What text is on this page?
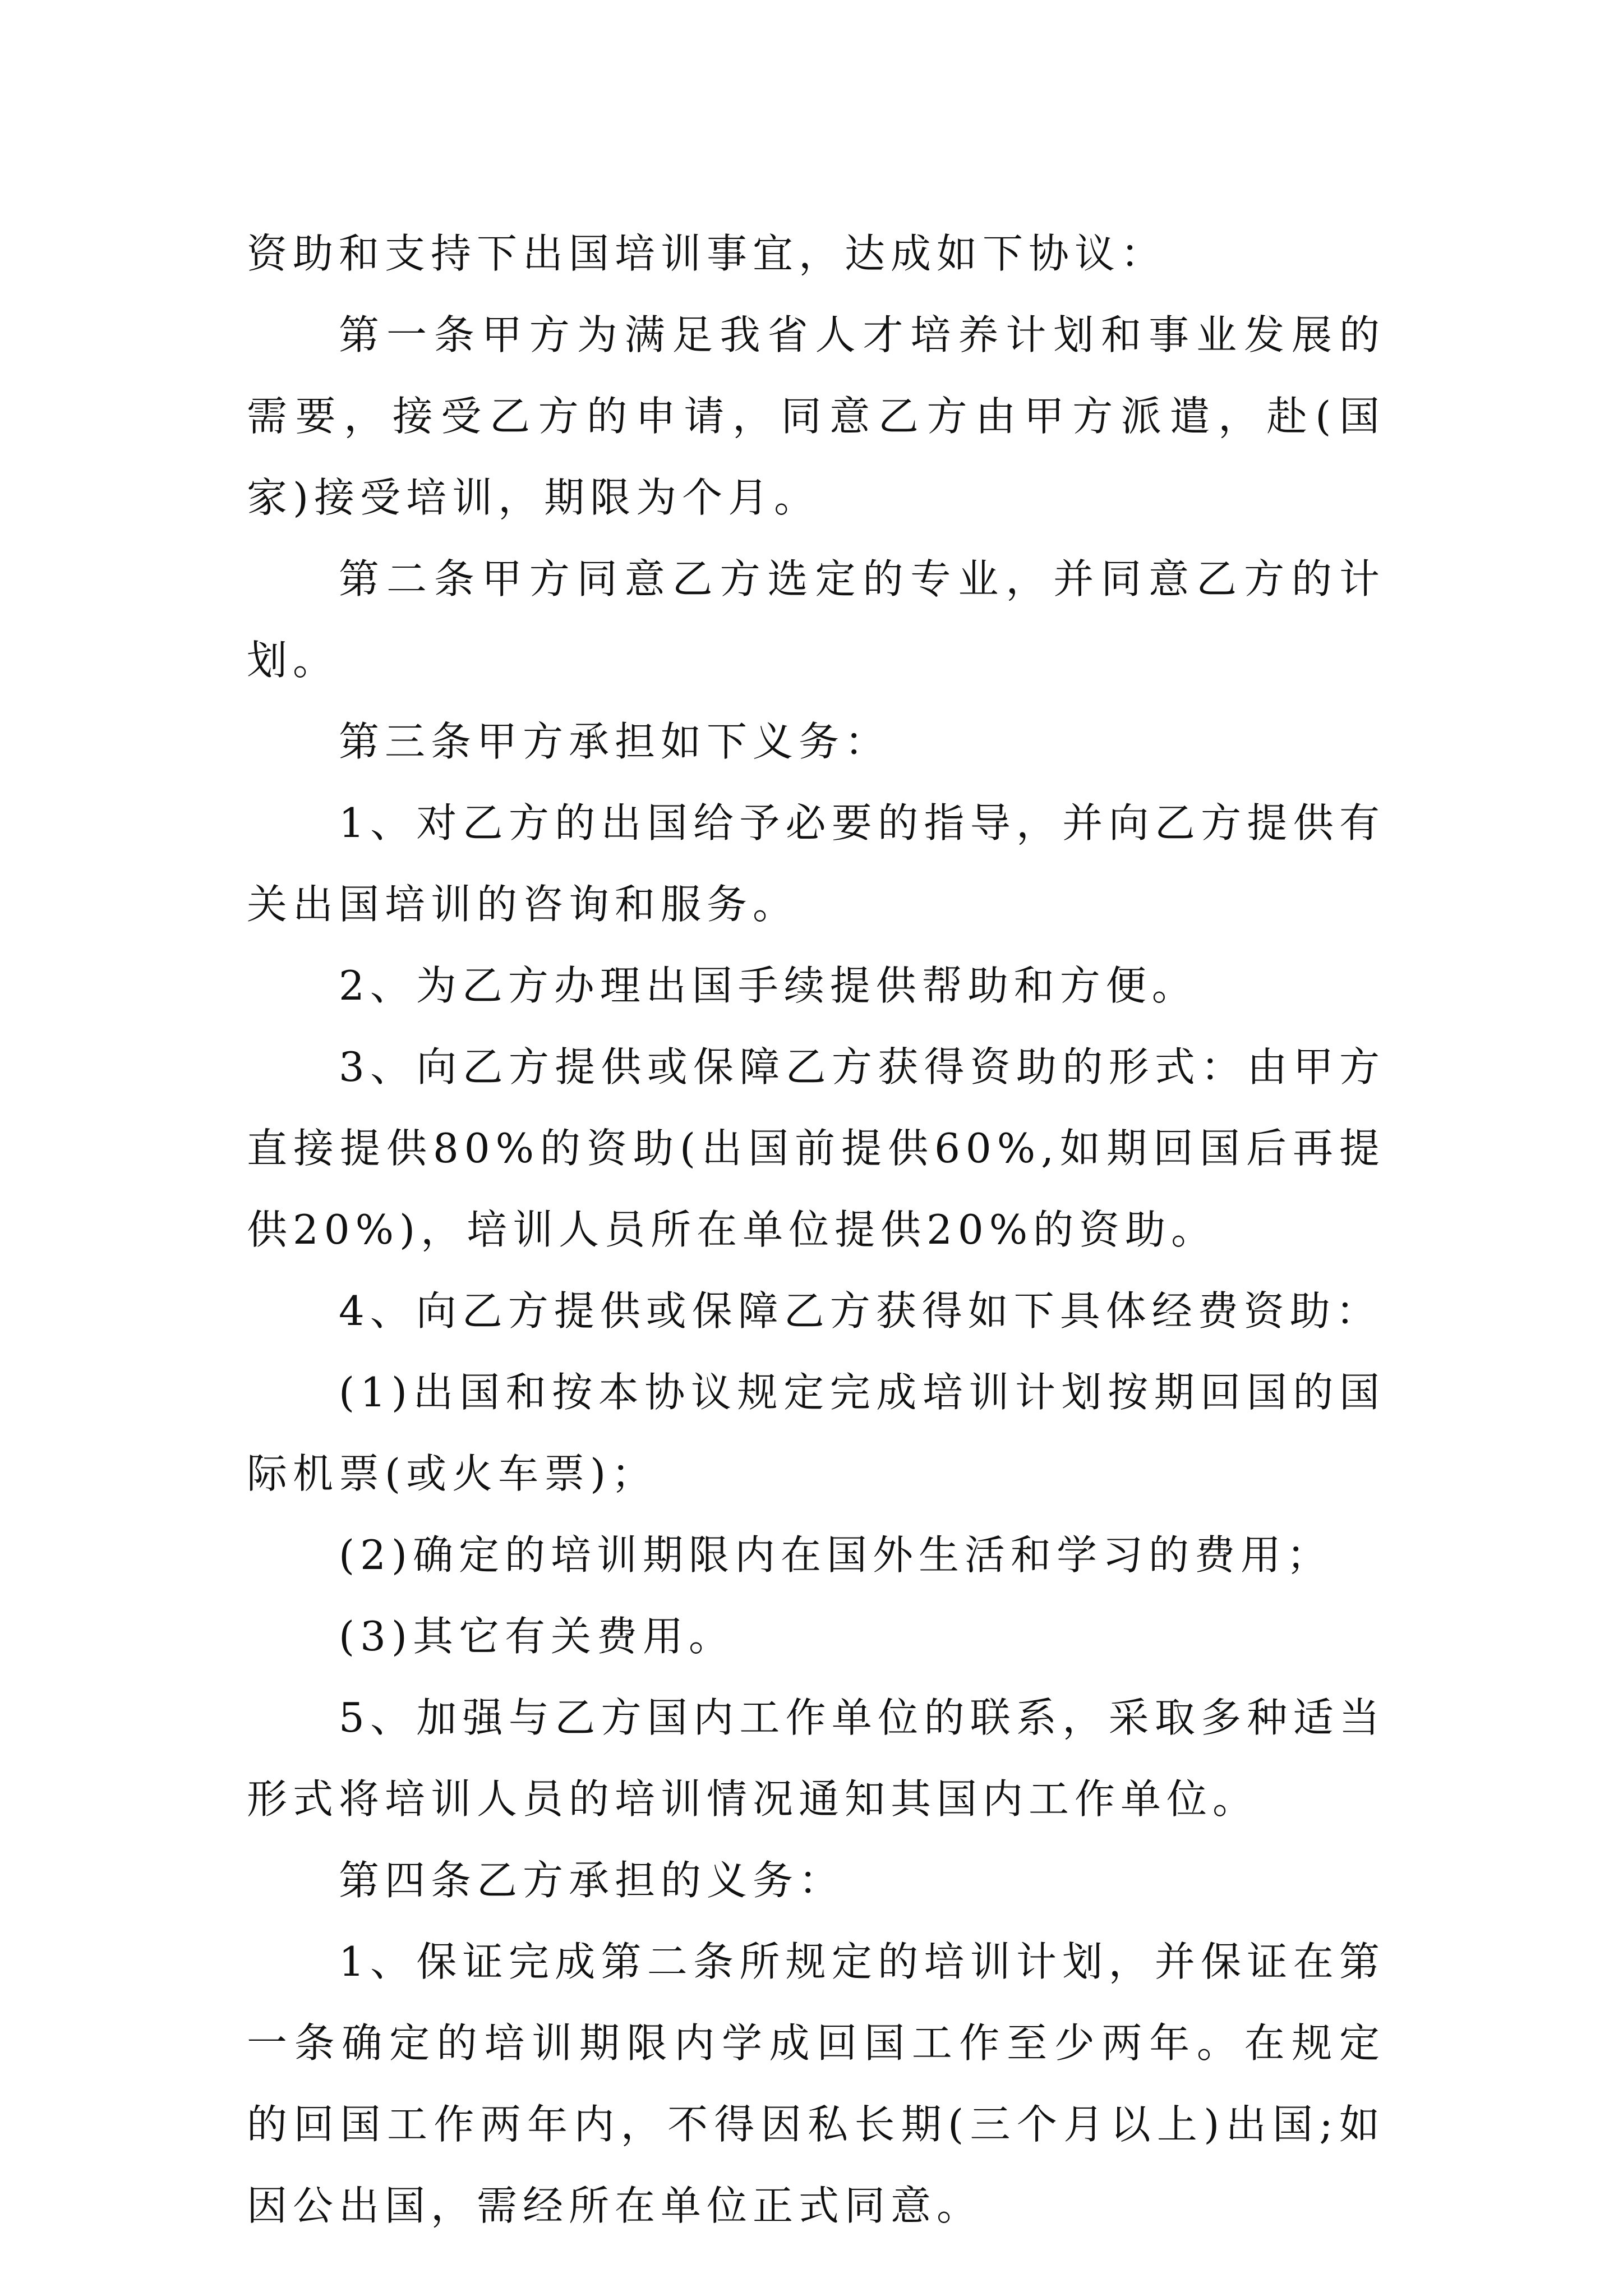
资助和支持下出国培训事宜，达成如下协议：

第一条甲方为满足我省人才培养计划和事业发展的需要，接受乙方的申请，同意乙方由甲方派遣，赴(国家)接受培训，期限为个月。

第二条甲方同意乙方选定的专业，并同意乙方的计划。

第三条甲方承担如下义务：

1、对乙方的出国给予必要的指导，并向乙方提供有关出国培训的咨询和服务。

2、为乙方办理出国手续提供帮助和方便。

3、向乙方提供或保障乙方获得资助的形式：由甲方直接提供80%的资助(出国前提供60%,如期回国后再提供20%)，培训人员所在单位提供20%的资助。

4、向乙方提供或保障乙方获得如下具体经费资助：

(1)出国和按本协议规定完成培训计划按期回国的国际机票(或火车票)；

(2)确定的培训期限内在国外生活和学习的费用；

(3)其它有关费用。

5、加强与乙方国内工作单位的联系，采取多种适当形式将培训人员的培训情况通知其国内工作单位。

第四条乙方承担的义务：

1、保证完成第二条所规定的培训计划，并保证在第一条确定的培训期限内学成回国工作至少两年。在规定的回国工作两年内，不得因私长期(三个月以上)出国;如因公出国，需经所在单位正式同意。
